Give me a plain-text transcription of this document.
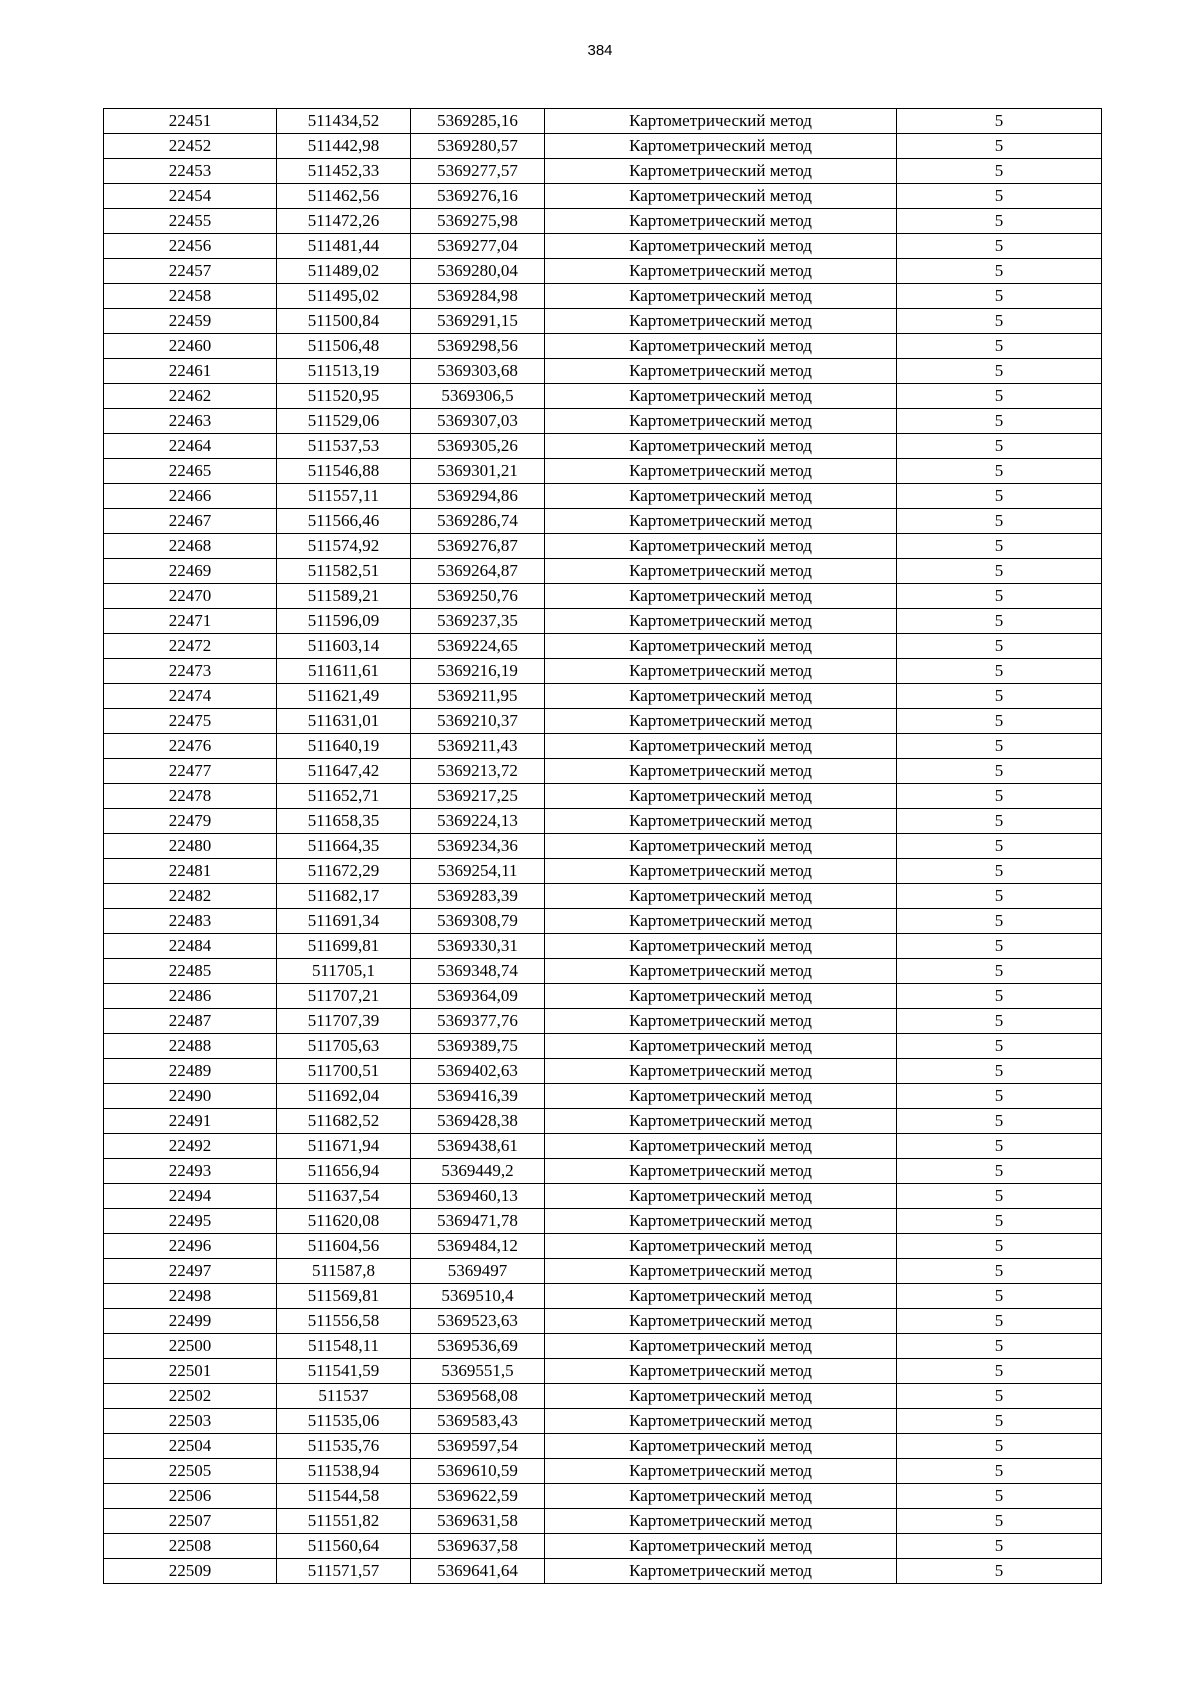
384
22451	511434,52	5369285,16	Картометрический метод	5
22452	511442,98	5369280,57	Картометрический метод	5
22453	511452,33	5369277,57	Картометрический метод	5
22454	511462,56	5369276,16	Картометрический метод	5
22455	511472,26	5369275,98	Картометрический метод	5
22456	511481,44	5369277,04	Картометрический метод	5
22457	511489,02	5369280,04	Картометрический метод	5
22458	511495,02	5369284,98	Картометрический метод	5
22459	511500,84	5369291,15	Картометрический метод	5
22460	511506,48	5369298,56	Картометрический метод	5
22461	511513,19	5369303,68	Картометрический метод	5
22462	511520,95	5369306,5	Картометрический метод	5
22463	511529,06	5369307,03	Картометрический метод	5
22464	511537,53	5369305,26	Картометрический метод	5
22465	511546,88	5369301,21	Картометрический метод	5
22466	511557,11	5369294,86	Картометрический метод	5
22467	511566,46	5369286,74	Картометрический метод	5
22468	511574,92	5369276,87	Картометрический метод	5
22469	511582,51	5369264,87	Картометрический метод	5
22470	511589,21	5369250,76	Картометрический метод	5
22471	511596,09	5369237,35	Картометрический метод	5
22472	511603,14	5369224,65	Картометрический метод	5
22473	511611,61	5369216,19	Картометрический метод	5
22474	511621,49	5369211,95	Картометрический метод	5
22475	511631,01	5369210,37	Картометрический метод	5
22476	511640,19	5369211,43	Картометрический метод	5
22477	511647,42	5369213,72	Картометрический метод	5
22478	511652,71	5369217,25	Картометрический метод	5
22479	511658,35	5369224,13	Картометрический метод	5
22480	511664,35	5369234,36	Картометрический метод	5
22481	511672,29	5369254,11	Картометрический метод	5
22482	511682,17	5369283,39	Картометрический метод	5
22483	511691,34	5369308,79	Картометрический метод	5
22484	511699,81	5369330,31	Картометрический метод	5
22485	511705,1	5369348,74	Картометрический метод	5
22486	511707,21	5369364,09	Картометрический метод	5
22487	511707,39	5369377,76	Картометрический метод	5
22488	511705,63	5369389,75	Картометрический метод	5
22489	511700,51	5369402,63	Картометрический метод	5
22490	511692,04	5369416,39	Картометрический метод	5
22491	511682,52	5369428,38	Картометрический метод	5
22492	511671,94	5369438,61	Картометрический метод	5
22493	511656,94	5369449,2	Картометрический метод	5
22494	511637,54	5369460,13	Картометрический метод	5
22495	511620,08	5369471,78	Картометрический метод	5
22496	511604,56	5369484,12	Картометрический метод	5
22497	511587,8	5369497	Картометрический метод	5
22498	511569,81	5369510,4	Картометрический метод	5
22499	511556,58	5369523,63	Картометрический метод	5
22500	511548,11	5369536,69	Картометрический метод	5
22501	511541,59	5369551,5	Картометрический метод	5
22502	511537	5369568,08	Картометрический метод	5
22503	511535,06	5369583,43	Картометрический метод	5
22504	511535,76	5369597,54	Картометрический метод	5
22505	511538,94	5369610,59	Картометрический метод	5
22506	511544,58	5369622,59	Картометрический метод	5
22507	511551,82	5369631,58	Картометрический метод	5
22508	511560,64	5369637,58	Картометрический метод	5
22509	511571,57	5369641,64	Картометрический метод	5
